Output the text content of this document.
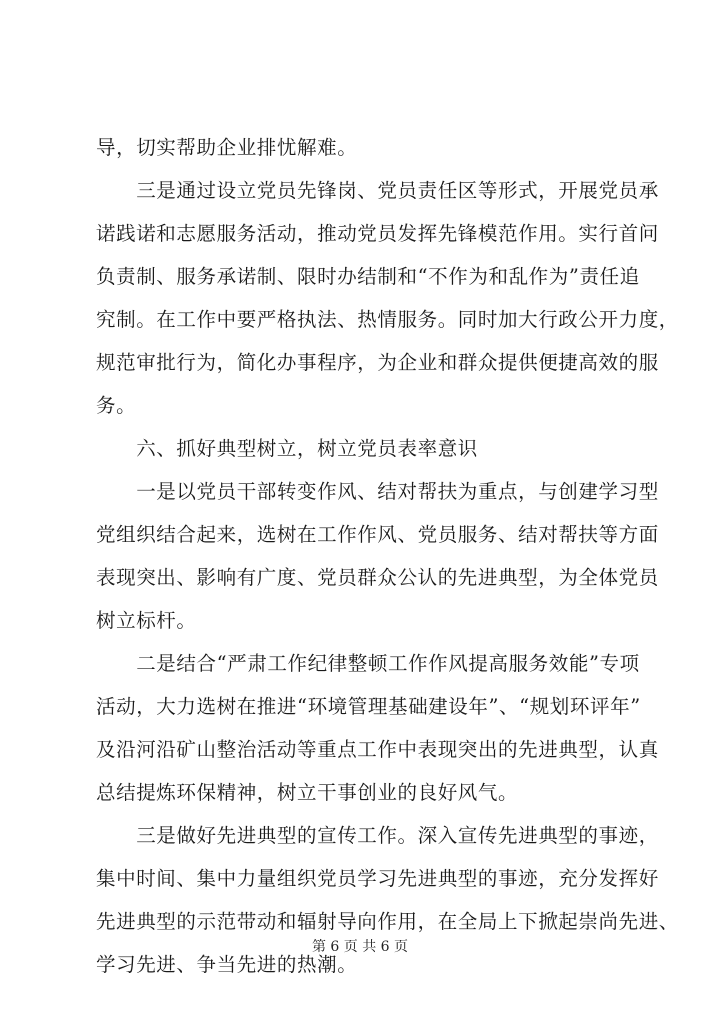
导，切实帮助企业排忧解难。
　　三是通过设立党员先锋岗、党员责任区等形式，开展党员承
诺践诺和志愿服务活动，推动党员发挥先锋模范作用。实行首问
负责制、服务承诺制、限时办结制和“不作为和乱作为”责任追
究制。在工作中要严格执法、热情服务。同时加大行政公开力度，
规范审批行为，简化办事程序，为企业和群众提供便捷高效的服
务。
　　六、抓好典型树立，树立党员表率意识
　　一是以党员干部转变作风、结对帮扶为重点，与创建学习型
党组织结合起来，选树在工作作风、党员服务、结对帮扶等方面
表现突出、影响有广度、党员群众公认的先进典型，为全体党员
树立标杆。
　　二是结合“严肃工作纪律整顿工作作风提高服务效能”专项
活动，大力选树在推进“环境管理基础建设年”、“规划环评年”
及沿河沿矿山整治活动等重点工作中表现突出的先进典型，认真
总结提炼环保精神，树立干事创业的良好风气。
　　三是做好先进典型的宣传工作。深入宣传先进典型的事迹，
集中时间、集中力量组织党员学习先进典型的事迹，充分发挥好
先进典型的示范带动和辐射导向作用，在全局上下掀起崇尚先进、
学习先进、争当先进的热潮。
第 6 页 共 6 页
